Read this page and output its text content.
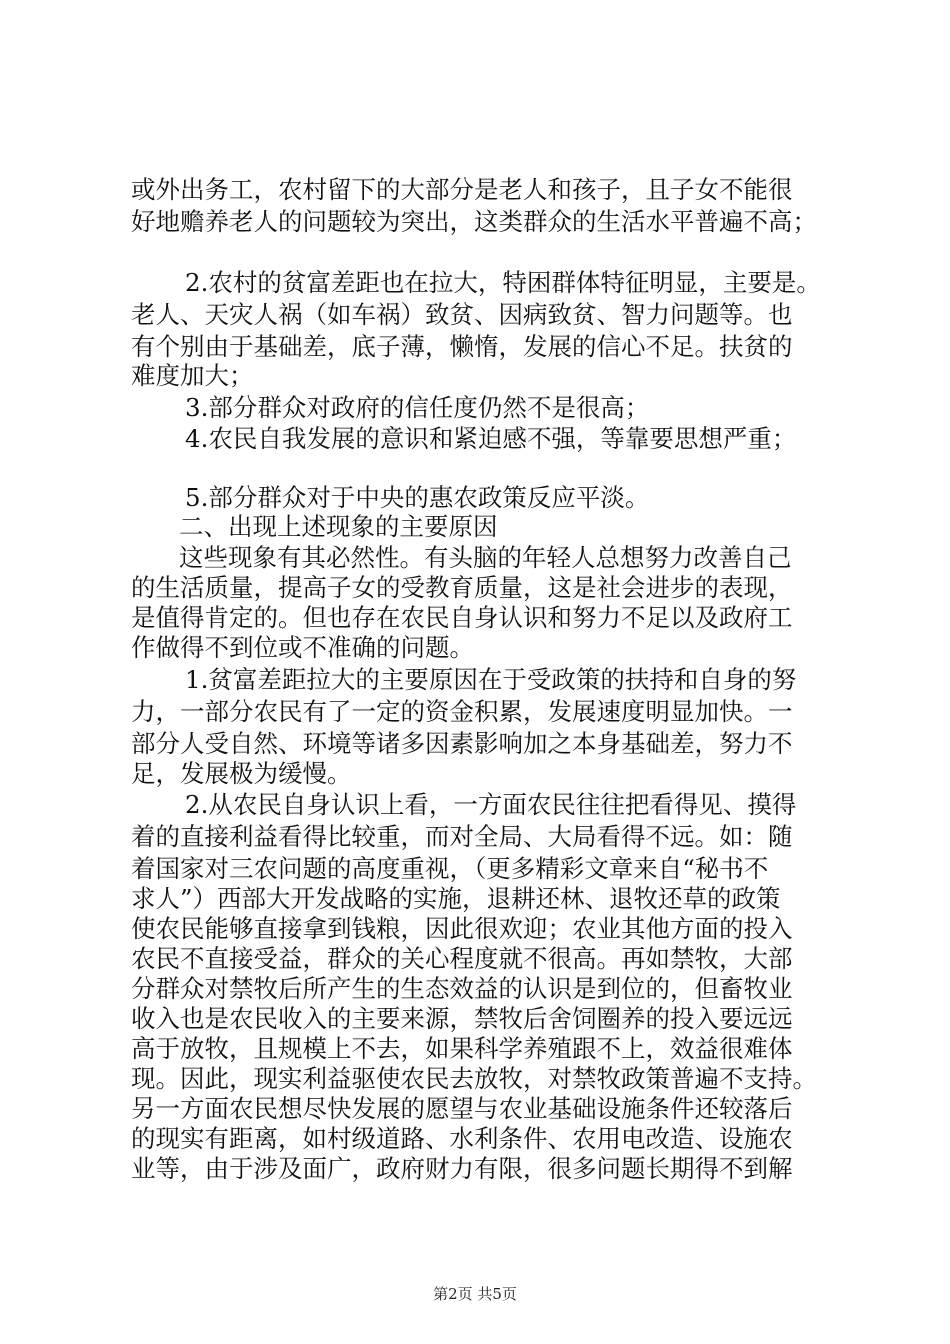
或外出务工，农村留下的大部分是老人和孩子，且子女不能很
好地赡养老人的问题较为突出，这类群众的生活水平普遍不高；
2.农村的贫富差距也在拉大，特困群体特征明显，主要是。
老人、天灾人祸（如车祸）致贫、因病致贫、智力问题等。也
有个别由于基础差，底子薄，懒惰，发展的信心不足。扶贫的
难度加大；
3.部分群众对政府的信任度仍然不是很高；
4.农民自我发展的意识和紧迫感不强，等靠要思想严重；
5.部分群众对于中央的惠农政策反应平淡。
二、出现上述现象的主要原因
这些现象有其必然性。有头脑的年轻人总想努力改善自己
的生活质量，提高子女的受教育质量，这是社会进步的表现，
是值得肯定的。但也存在农民自身认识和努力不足以及政府工
作做得不到位或不准确的问题。
1.贫富差距拉大的主要原因在于受政策的扶持和自身的努
力，一部分农民有了一定的资金积累，发展速度明显加快。一
部分人受自然、环境等诸多因素影响加之本身基础差，努力不
足，发展极为缓慢。
2.从农民自身认识上看，一方面农民往往把看得见、摸得
着的直接利益看得比较重，而对全局、大局看得不远。如：随
着国家对三农问题的高度重视，（更多精彩文章来自“秘书不
求人”）西部大开发战略的实施，退耕还林、退牧还草的政策
使农民能够直接拿到钱粮，因此很欢迎；农业其他方面的投入
农民不直接受益，群众的关心程度就不很高。再如禁牧，大部
分群众对禁牧后所产生的生态效益的认识是到位的，但畜牧业
收入也是农民收入的主要来源，禁牧后舍饲圈养的投入要远远
高于放牧，且规模上不去，如果科学养殖跟不上，效益很难体
现。因此，现实利益驱使农民去放牧，对禁牧政策普遍不支持。
另一方面农民想尽快发展的愿望与农业基础设施条件还较落后
的现实有距离，如村级道路、水利条件、农用电改造、设施农
业等，由于涉及面广，政府财力有限，很多问题长期得不到解
第2页 共5页
